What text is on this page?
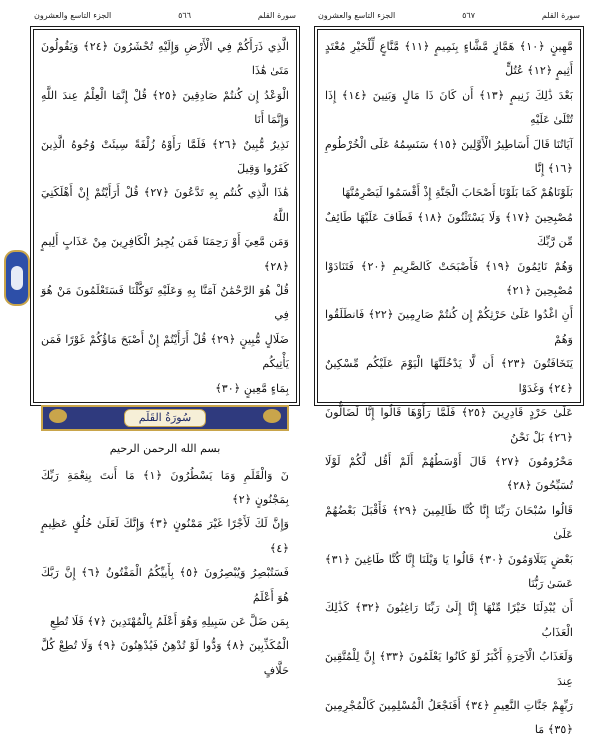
الجزء التاسع والعشرون	٥٦٦	سورة القلم

الَّذِي ذَرَأَكُمْ فِي الْأَرْضِ وَإِلَيْهِ تُحْشَرُونَ ﴿٢٤﴾ وَيَقُولُونَ مَتَىٰ هَٰذَا

الْوَعْدُ إِن كُنتُمْ صَادِقِينَ ﴿٢٥﴾ قُلْ إِنَّمَا الْعِلْمُ عِندَ اللَّهِ وَإِنَّمَا أَنَا

نَذِيرٌ مُّبِينٌ ﴿٢٦﴾ فَلَمَّا رَأَوْهُ زُلْفَةً سِيئَتْ وُجُوهُ الَّذِينَ كَفَرُوا وَقِيلَ

هَٰذَا الَّذِي كُنتُم بِهِ تَدَّعُونَ ﴿٢٧﴾ قُلْ أَرَأَيْتُمْ إِنْ أَهْلَكَنِيَ اللَّهُ

وَمَن مَّعِيَ أَوْ رَحِمَنَا فَمَن يُجِيرُ الْكَافِرِينَ مِنْ عَذَابٍ أَلِيمٍ ﴿٢٨﴾

قُلْ هُوَ الرَّحْمَٰنُ آمَنَّا بِهِ وَعَلَيْهِ تَوَكَّلْنَا فَسَتَعْلَمُونَ مَنْ هُوَ فِي

ضَلَالٍ مُّبِينٍ ﴿٢٩﴾ قُلْ أَرَأَيْتُمْ إِنْ أَصْبَحَ مَاؤُكُمْ غَوْرًا فَمَن يَأْتِيكُم

بِمَاءٍ مَّعِينٍ ﴿٣٠﴾

سُورَةُ القَلَم
بسم الله الرحمن الرحيم

نٓ وَالْقَلَمِ وَمَا يَسْطُرُونَ ﴿١﴾ مَا أَنتَ بِنِعْمَةِ رَبِّكَ بِمَجْنُونٍ ﴿٢﴾

وَإِنَّ لَكَ لَأَجْرًا غَيْرَ مَمْنُونٍ ﴿٣﴾ وَإِنَّكَ لَعَلَىٰ خُلُقٍ عَظِيمٍ ﴿٤﴾

فَسَتُبْصِرُ وَيُبْصِرُونَ ﴿٥﴾ بِأَييِّكُمُ الْمَفْتُونُ ﴿٦﴾ إِنَّ رَبَّكَ هُوَ أَعْلَمُ

بِمَن ضَلَّ عَن سَبِيلِهِ وَهُوَ أَعْلَمُ بِالْمُهْتَدِينَ ﴿٧﴾ فَلَا تُطِعِ

الْمُكَذِّبِينَ ﴿٨﴾ وَدُّوا لَوْ تُدْهِنُ فَيُدْهِنُونَ ﴿٩﴾ وَلَا تُطِعْ كُلَّ حَلَّافٍ

الجزء التاسع والعشرون	٥٦٧	سورة القلم

مَّهِينٍ ﴿١٠﴾ هَمَّازٍ مَّشَّاءٍ بِنَمِيمٍ ﴿١١﴾ مَّنَّاعٍ لِّلْخَيْرِ مُعْتَدٍ أَثِيمٍ ﴿١٢﴾ عُتُلٍّ

بَعْدَ ذَٰلِكَ زَنِيمٍ ﴿١٣﴾ أَن كَانَ ذَا مَالٍ وَبَنِينَ ﴿١٤﴾ إِذَا تُتْلَىٰ عَلَيْهِ

آيَاتُنَا قَالَ أَسَاطِيرُ الْأَوَّلِينَ ﴿١٥﴾ سَنَسِمُهُ عَلَى الْخُرْطُومِ ﴿١٦﴾ إِنَّا

بَلَوْنَاهُمْ كَمَا بَلَوْنَا أَصْحَابَ الْجَنَّةِ إِذْ أَقْسَمُوا لَيَصْرِمُنَّهَا

مُصْبِحِينَ ﴿١٧﴾ وَلَا يَسْتَثْنُونَ ﴿١٨﴾ فَطَافَ عَلَيْهَا طَائِفٌ مِّن رَّبِّكَ

وَهُمْ نَائِمُونَ ﴿١٩﴾ فَأَصْبَحَتْ كَالصَّرِيمِ ﴿٢٠﴾ فَتَنَادَوْا مُصْبِحِينَ ﴿٢١﴾

أَنِ اغْدُوا عَلَىٰ حَرْثِكُمْ إِن كُنتُمْ صَارِمِينَ ﴿٢٢﴾ فَانطَلَقُوا وَهُمْ

يَتَخَافَتُونَ ﴿٢٣﴾ أَن لَّا يَدْخُلَنَّهَا الْيَوْمَ عَلَيْكُم مِّسْكِينٌ ﴿٢٤﴾ وَغَدَوْا

عَلَىٰ حَرْدٍ قَادِرِينَ ﴿٢٥﴾ فَلَمَّا رَأَوْهَا قَالُوا إِنَّا لَضَالُّونَ ﴿٢٦﴾ بَلْ نَحْنُ

مَحْرُومُونَ ﴿٢٧﴾ قَالَ أَوْسَطُهُمْ أَلَمْ أَقُل لَّكُمْ لَوْلَا تُسَبِّحُونَ ﴿٢٨﴾

قَالُوا سُبْحَانَ رَبِّنَا إِنَّا كُنَّا ظَالِمِينَ ﴿٢٩﴾ فَأَقْبَلَ بَعْضُهُمْ عَلَىٰ

بَعْضٍ يَتَلَاوَمُونَ ﴿٣٠﴾ قَالُوا يَا وَيْلَنَا إِنَّا كُنَّا طَاغِينَ ﴿٣١﴾ عَسَىٰ رَبُّنَا

أَن يُبْدِلَنَا خَيْرًا مِّنْهَا إِنَّا إِلَىٰ رَبِّنَا رَاغِبُونَ ﴿٣٢﴾ كَذَٰلِكَ الْعَذَابُ

وَلَعَذَابُ الْآخِرَةِ أَكْبَرُ لَوْ كَانُوا يَعْلَمُونَ ﴿٣٣﴾ إِنَّ لِلْمُتَّقِينَ عِندَ

رَبِّهِمْ جَنَّاتِ النَّعِيمِ ﴿٣٤﴾ أَفَنَجْعَلُ الْمُسْلِمِينَ كَالْمُجْرِمِينَ ﴿٣٥﴾ مَا
